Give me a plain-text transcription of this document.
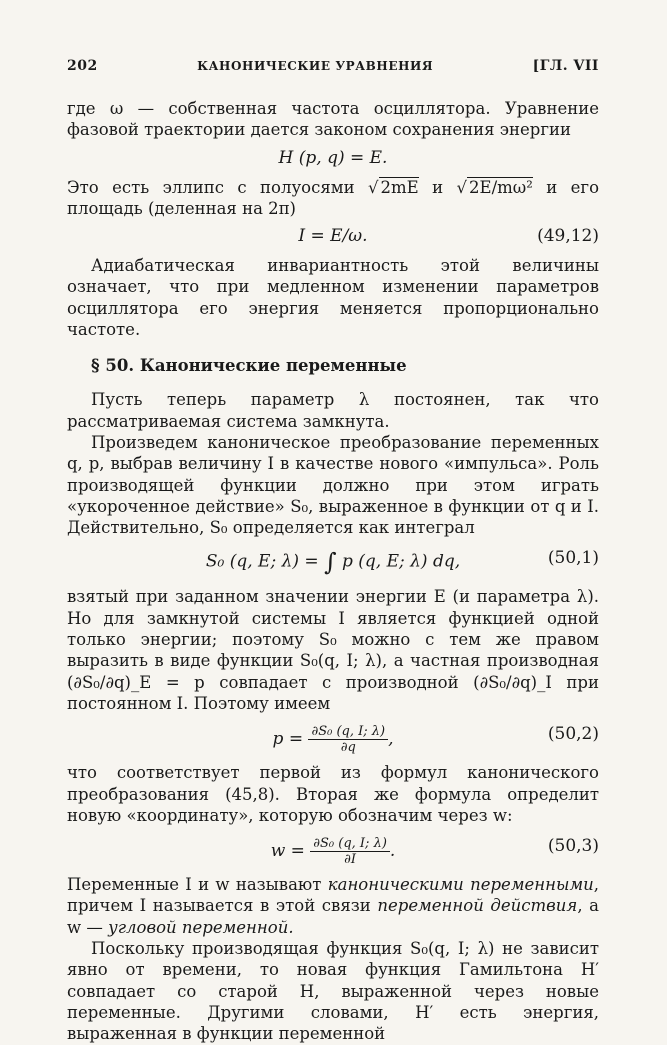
202	КАНОНИЧЕСКИЕ УРАВНЕНИЯ	[ГЛ. VII

где ω — собственная частота осциллятора. Уравнение фазовой траектории дается законом сохранения энергии

H (p, q) = E.

Это есть эллипс с полуосями √ 2mE и √ 2E/mω² и его площадь (деленная на 2π)

I = E/ω.	(49,12)

Адиабатическая инвариантность этой величины означает, что при медленном изменении параметров осциллятора его энергия меняется пропорционально частоте.

§ 50. Канонические переменные

Пусть теперь параметр λ постоянен, так что рассматриваемая система замкнута.

Произведем каноническое преобразование переменных q, p, выбрав величину I в качестве нового «импульса». Роль производящей функции должно при этом играть «укороченное действие» S₀, выраженное в функции от q и I. Действительно, S₀ определяется как интеграл

S₀ (q, E; λ) = ∫ p (q, E; λ) dq,	(50,1)

взятый при заданном значении энергии E (и параметра λ). Но для замкнутой системы I является функцией одной только энергии; поэтому S₀ можно с тем же правом выразить в виде функции S₀(q, I; λ), а частная производная (∂S₀/∂q)_E = p совпадает с производной (∂S₀/∂q)_I при постоянном I. Поэтому имеем

$p = \frac{\text{∂S₀ (q, I; λ)}}{\partial q}$ ,	(50,2)

что соответствует первой из формул канонического преобразования (45,8). Вторая же формула определит новую «координату», которую обозначим через w:

$w = \frac{\text{∂S₀ (q, I; λ)}}{\partial I}$ .	(50,3)

Переменные I и w называют каноническими переменными, причем I называется в этой связи переменной действия, а w — угловой переменной.

Поскольку производящая функция S₀(q, I; λ) не зависит явно от времени, то новая функция Гамильтона H′ совпадает со старой H, выраженной через новые переменные. Другими словами, H′ есть энергия, выраженная в функции переменной
